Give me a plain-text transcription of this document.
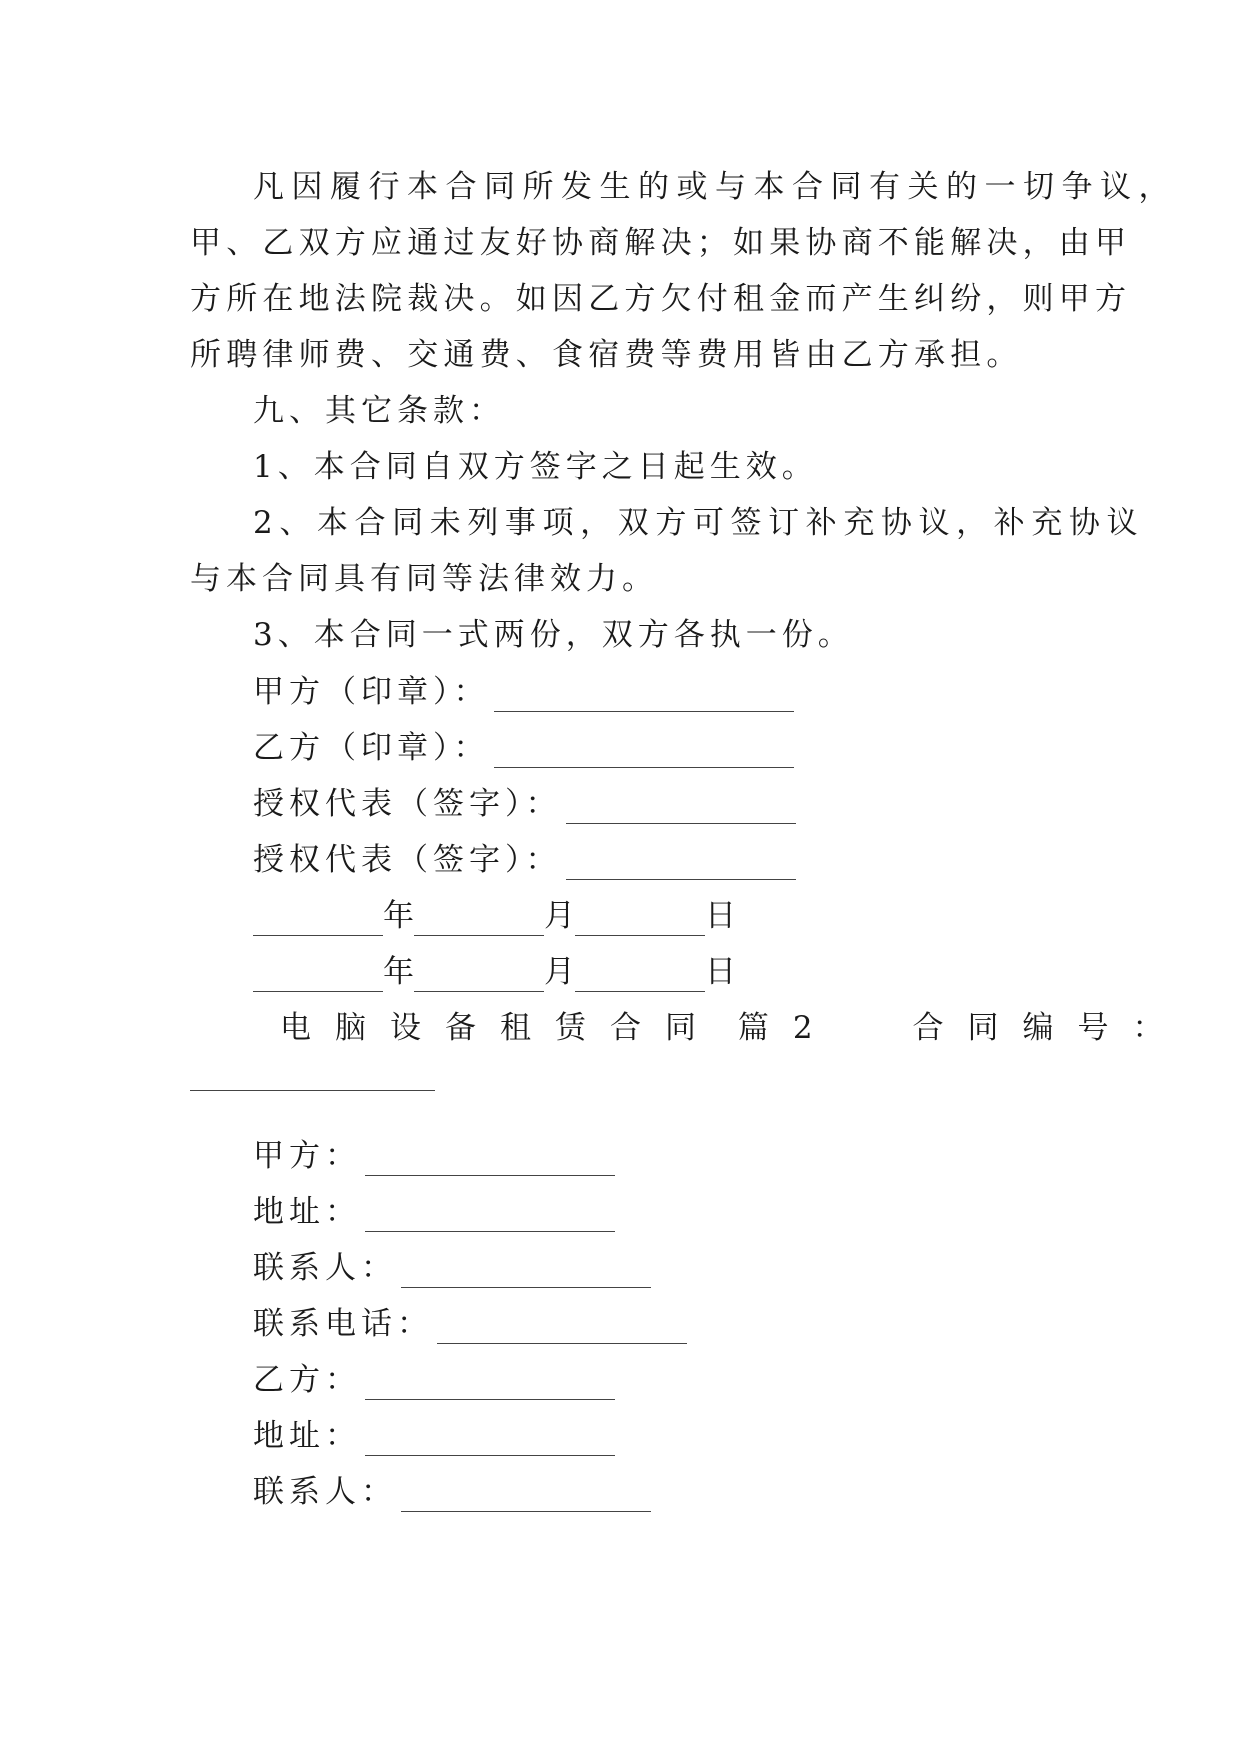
凡因履行本合同所发生的或与本合同有关的一切争议，
甲、乙双方应通过友好协商解决；如果协商不能解决，由甲
方所在地法院裁决。如因乙方欠付租金而产生纠纷，则甲方
所聘律师费、交通费、食宿费等费用皆由乙方承担。
九、其它条款：
1、本合同自双方签字之日起生效。
2、本合同未列事项，双方可签订补充协议，补充协议
与本合同具有同等法律效力。
3、本合同一式两份，双方各执一份。
甲方（印章）：
乙方（印章）：
授权代表（签字）：
授权代表（签字）：
年	月	日
年	月	日
电脑设备租赁合同 篇2 合同编号：
甲方：
地址：
联系人：
联系电话：
乙方：
地址：
联系人：
